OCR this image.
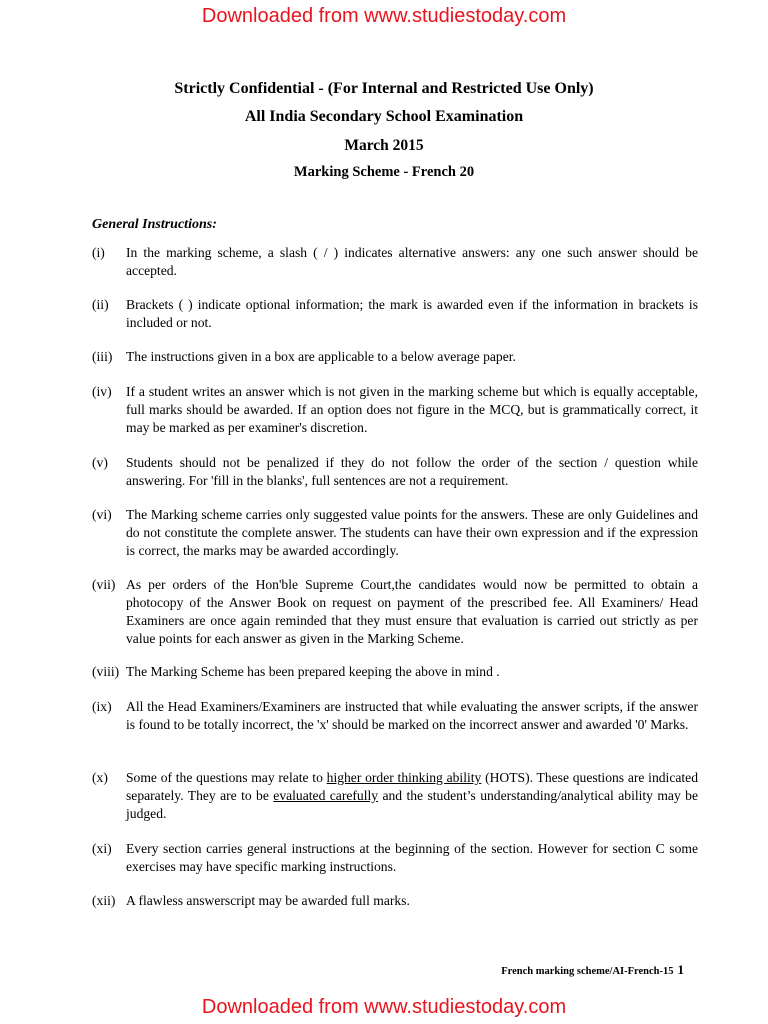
Downloaded from www.studiestoday.com
Strictly Confidential - (For Internal and Restricted Use Only)
All India Secondary School Examination
March 2015
Marking Scheme - French 20
General Instructions:
(i)	In the marking scheme, a slash ( / ) indicates alternative answers: any one such answer should be accepted.
(ii)	Brackets ( ) indicate optional information; the mark is awarded even if the information in brackets is included or not.
(iii)	The instructions given in a box are applicable to a below average paper.
(iv)	If a student writes an answer which is not given in the marking scheme but which is equally acceptable, full marks should be awarded. If an option does not figure in the MCQ, but is grammatically correct, it may be marked as per examiner's discretion.
(v)	Students should not be penalized if they do not follow the order of the section / question while answering. For 'fill in the blanks', full sentences are not a requirement.
(vi)	The Marking scheme carries only suggested value points for the answers. These are only Guidelines and do not constitute the complete answer. The students can have their own expression and if the expression is correct, the marks may be awarded accordingly.
(vii) As per orders of the Hon'ble Supreme Court,the candidates would now be permitted to obtain a photocopy of the Answer Book on request on payment of the prescribed fee. All Examiners/ Head Examiners are once again reminded that they must ensure that evaluation is carried out strictly as per value points for each answer as given in the Marking Scheme.
(viii) The Marking Scheme has been prepared keeping the above in mind .
(ix)	All the Head Examiners/Examiners are instructed that while evaluating the answer scripts, if the answer is found to be totally incorrect, the 'x' should be marked on the incorrect answer and awarded '0' Marks.
(x)	Some of the questions may relate to higher order thinking ability (HOTS). These questions are indicated separately. They are to be evaluated carefully and the student’s understanding/analytical ability may be judged.
(xi)	Every section carries general instructions at the beginning of the section. However for section C some exercises may have specific marking instructions.
(xii) A flawless answerscript may be awarded full marks.
French marking scheme/AI-French-15 1
Downloaded from www.studiestoday.com
